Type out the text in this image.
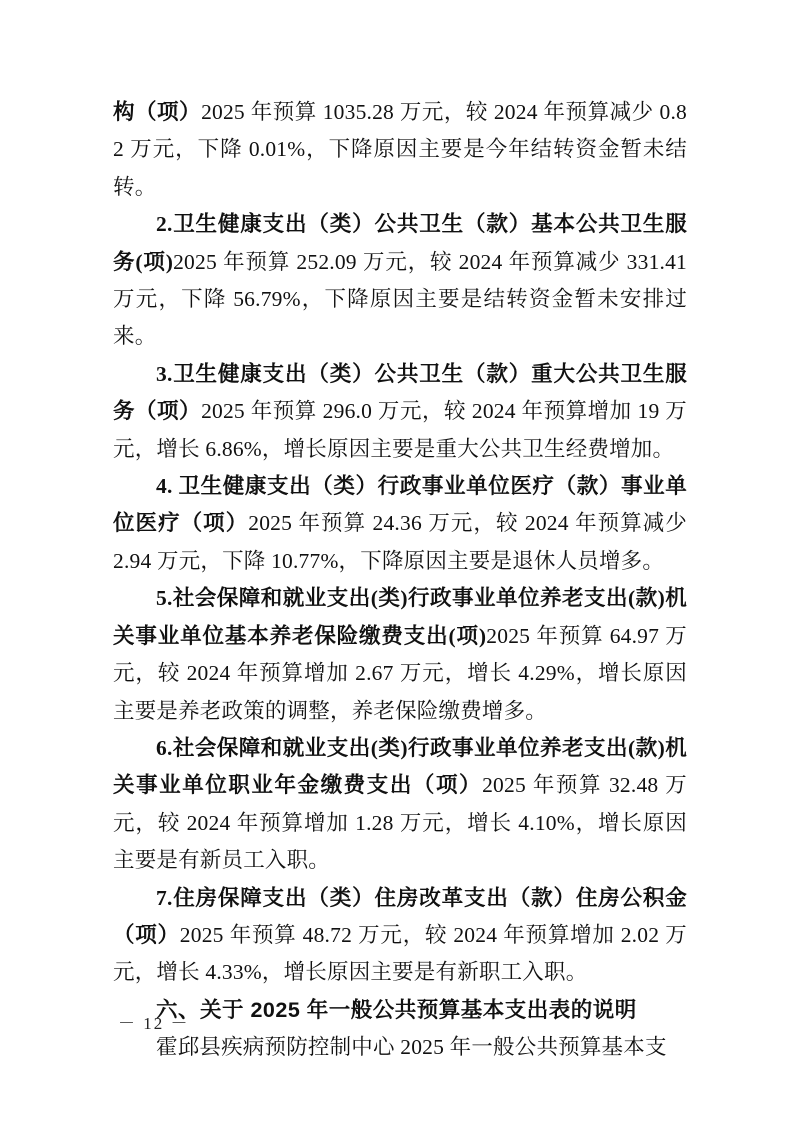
构（项）2025 年预算 1035.28 万元，较 2024 年预算减少 0.82 万元，下降 0.01%，下降原因主要是今年结转资金暂未结转。

2.卫生健康支出（类）公共卫生（款）基本公共卫生服务(项)2025 年预算 252.09 万元，较 2024 年预算减少 331.41 万元，下降 56.79%，下降原因主要是结转资金暂未安排过来。

3.卫生健康支出（类）公共卫生（款）重大公共卫生服务（项）2025 年预算 296.0 万元，较 2024 年预算增加 19 万元，增长 6.86%，增长原因主要是重大公共卫生经费增加。

4. 卫生健康支出（类）行政事业单位医疗（款）事业单位医疗（项）2025 年预算 24.36 万元，较 2024 年预算减少 2.94 万元，下降 10.77%，下降原因主要是退休人员增多。

5.社会保障和就业支出(类)行政事业单位养老支出(款)机关事业单位基本养老保险缴费支出(项)2025 年预算 64.97 万元，较 2024 年预算增加 2.67 万元，增长 4.29%，增长原因主要是养老政策的调整，养老保险缴费增多。

6.社会保障和就业支出(类)行政事业单位养老支出(款)机关事业单位职业年金缴费支出（项）2025 年预算 32.48 万元，较 2024 年预算增加 1.28 万元，增长 4.10%，增长原因主要是有新员工入职。

7.住房保障支出（类）住房改革支出（款）住房公积金（项）2025 年预算 48.72 万元，较 2024 年预算增加 2.02 万元，增长 4.33%，增长原因主要是有新职工入职。

六、关于 2025 年一般公共预算基本支出表的说明

霍邱县疾病预防控制中心 2025 年一般公共预算基本支

－ 12 －
